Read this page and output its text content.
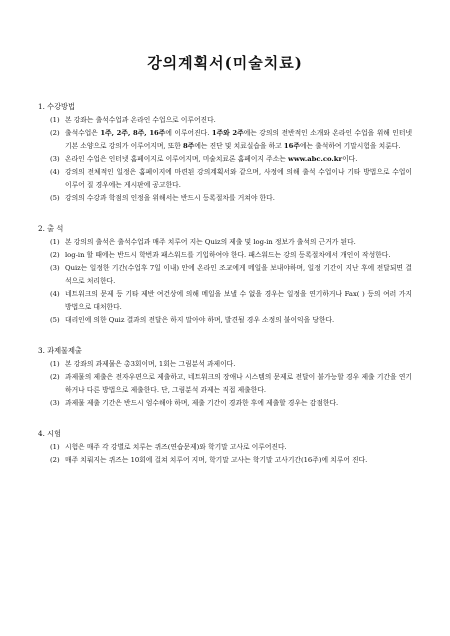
강의계획서(미술치료)
1. 수강방법
(1) 본 강좌는 출석수업과 온라인 수업으로 이루어진다.
(2) 출석수업은 1주, 2주, 8주, 16주에 이루어진다. 1주와 2주에는 강의의 전반적인 소개와 온라인 수업을 위해 인터넷 기본 소양으로 강의가 이루어지며, 또한 8주에는 진단 및 치료실습을 하고 16주에는 출석하여 기말시험을 치룬다.
(3) 온라인 수업은 인터넷 홈페이지로 이루어지며, 미술치료론 홈페이지 주소는 www.abc.co.kr이다.
(4) 강의의 전체적인 일정은 홈페이지에 마련된 강의계획서와 같으며, 사정에 의해 출석 수업이나 기타 방법으로 수업이 이루어 질 경우에는 게시판에 공고한다.
(5) 강의의 수강과 학점의 인정을 위해서는 반드시 등록절차를 거쳐야 한다.
2. 출 석
(1) 본 강의의 출석은 출석수업과 매주 치루어 지는 Quiz의 제출 및 log-in 정보가 출석의 근거가 된다.
(2) log-in 할 때에는 반드시 학번과 패스워드를 기입하여야 한다. 패스워드는 강의 등록절차에서 개인이 작성한다.
(3) Quiz는 일정한 기간(수업후 7일 이내) 안에 온라인 조교에게 메일을 보내야하며, 일정 기간이 지난 후에 전달되면 결석으로 처리한다.
(4) 네트워크의 문제 등 기타 제반 여건상에 의해 메일을 보낼 수 없을 경우는 일정을 연기하거나 Fax( ) 등의 여러 가지 방법으로 대처한다.
(5) 대리인에 의한 Quiz 결과의 전달은 하지 말아야 하며, 발견될 경우 소정의 불이익을 당한다.
3. 과제물제출
(1) 본 강좌의 과제물은 총3회이며, 1회는 그림분석 과제이다.
(2) 과제물의 제출은 전자우편으로 제출하고, 네트워크의 장애나 시스템의 문제로 전달이 불가능할 경우 제출 기간을 연기하거나 다른 방법으로 제출한다. 단, 그림분석 과제는 직접 제출한다.
(3) 과제물 제출 기간은 반드시 엄수해야 하며, 제출 기간이 경과한 후에 제출할 경우는 감점한다.
4. 시험
(1) 시험은 매주 각 강별로 치루는 퀴즈(연습문제)와 학기말 고사로 이루어진다.
(2) 매주 치뤄지는 퀴즈는 10회에 걸쳐 치루어 지며, 학기말 고사는 학기말 고사기간(16주)에 치루어 진다.
